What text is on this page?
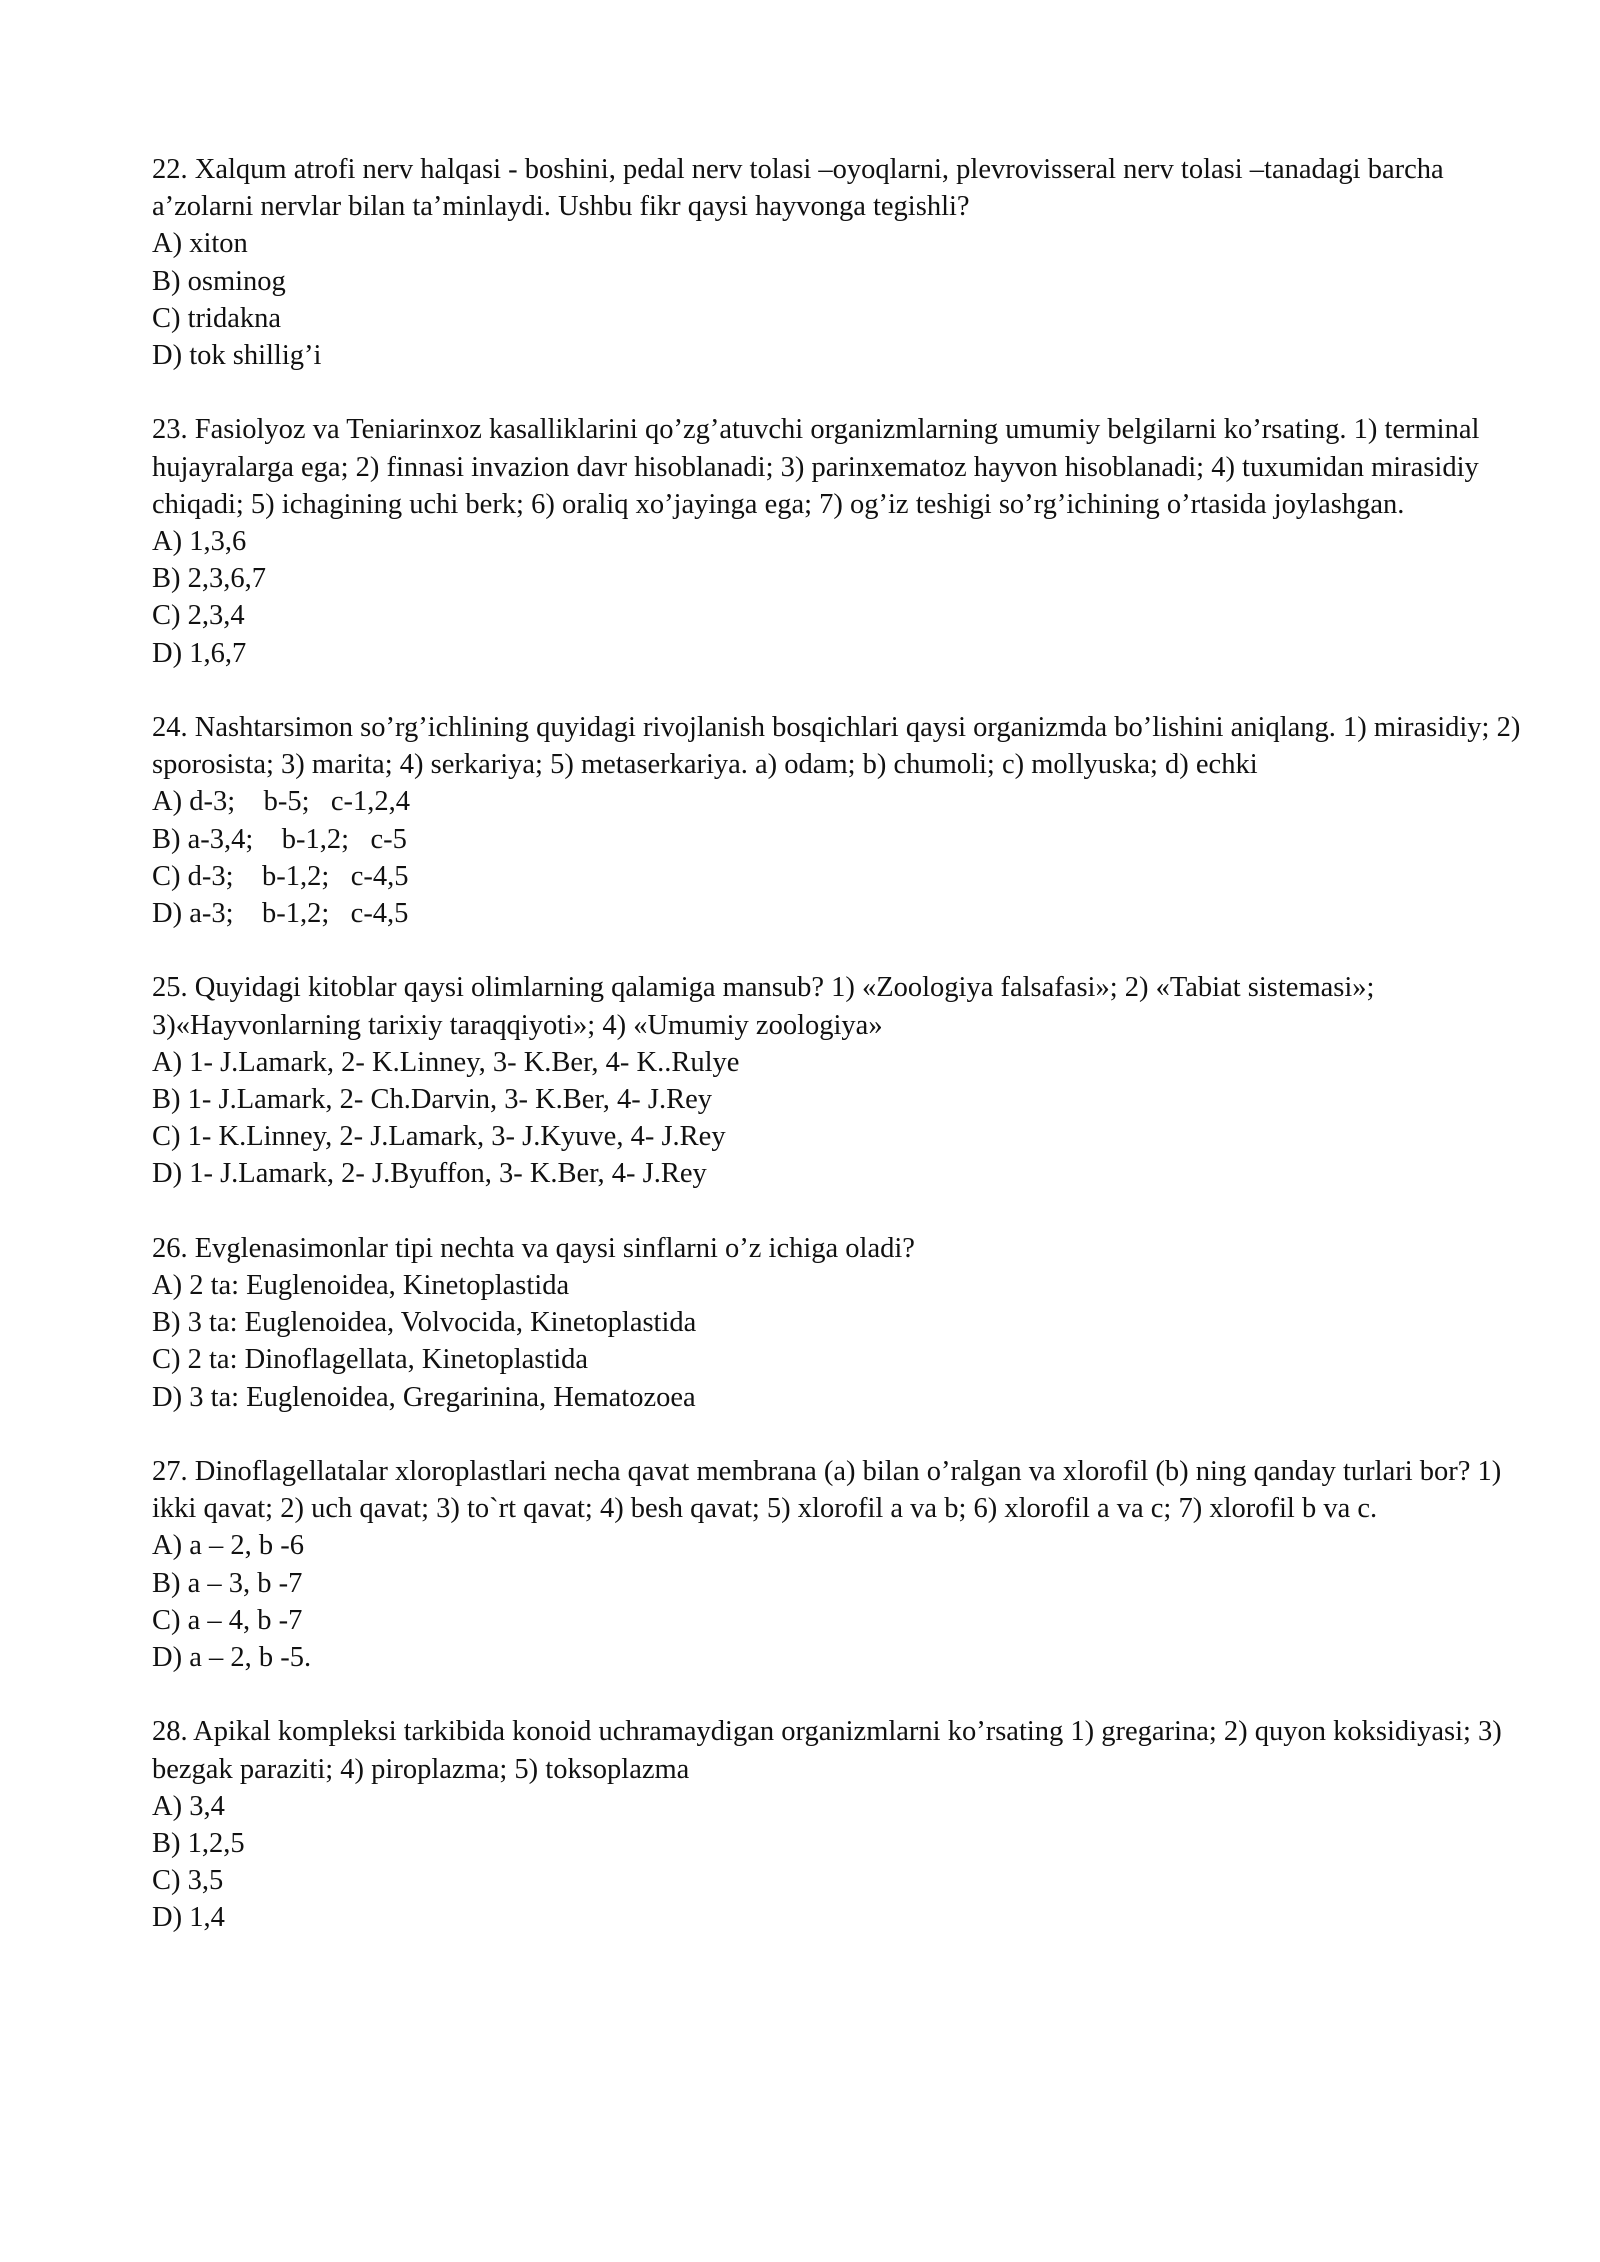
22. Xalqum atrofi nerv halqasi - boshini, pedal nerv tolasi –oyoqlarni, plevrovisseral nerv tolasi –tanadagi barcha a’zolarni nervlar bilan ta’minlaydi. Ushbu fikr qaysi hayvonga tegishli?

A) xiton
B) osminog
C) tridakna
D) tok shillig’i

23. Fasiolyoz va Teniarinxoz kasalliklarini qo’zg’atuvchi organizmlarning umumiy belgilarni ko’rsating. 1) terminal hujayralarga ega; 2) finnasi invazion davr hisoblanadi; 3) parinxematoz hayvon hisoblanadi; 4) tuxumidan mirasidiy chiqadi; 5) ichagining uchi berk; 6) oraliq xo’jayinga ega; 7) og’iz teshigi so’rg’ichining o’rtasida joylashgan.

A) 1,3,6
B) 2,3,6,7
C) 2,3,4
D) 1,6,7

24. Nashtarsimon so’rg’ichlining quyidagi rivojlanish bosqichlari qaysi organizmda bo’lishini aniqlang. 1) mirasidiy; 2) sporosista; 3) marita; 4) serkariya; 5) metaserkariya. a) odam; b) chumoli; c) mollyuska; d) echki

A) d-3;    b-5;   c-1,2,4
B) a-3,4;    b-1,2;   c-5
C) d-3;    b-1,2;   c-4,5
D) a-3;    b-1,2;   c-4,5

25. Quyidagi kitoblar qaysi olimlarning qalamiga mansub? 1) «Zoologiya falsafasi»; 2) «Tabiat sistemasi»; 3)«Hayvonlarning tarixiy taraqqiyoti»; 4) «Umumiy zoologiya»

A) 1- J.Lamark, 2- K.Linney, 3- K.Ber, 4- K..Rulye
B) 1- J.Lamark, 2- Ch.Darvin, 3- K.Ber, 4- J.Rey
C) 1- K.Linney, 2- J.Lamark, 3- J.Kyuve, 4- J.Rey
D) 1- J.Lamark, 2- J.Byuffon, 3- K.Ber, 4- J.Rey

26. Evglenasimonlar tipi nechta va qaysi sinflarni o’z ichiga oladi?

A) 2 ta: Euglenoidea, Kinetoplastida
B) 3 ta: Euglenoidea, Volvocida, Kinetoplastida
C) 2 ta: Dinoflagellata, Kinetoplastida
D) 3 ta: Euglenoidea, Gregarinina, Hematozoea

27. Dinoflagellatalar xloroplastlari necha qavat membrana (a) bilan o’ralgan va xlorofil (b) ning qanday turlari bor? 1) ikki qavat; 2) uch qavat; 3) to`rt qavat; 4) besh qavat; 5) xlorofil a va b; 6) xlorofil a va c; 7) xlorofil b va c.

A) a – 2, b -6
B) a – 3, b -7
C) a – 4, b -7
D) a – 2, b -5.

28. Apikal kompleksi tarkibida konoid uchramaydigan organizmlarni ko’rsating 1) gregarina; 2) quyon koksidiyasi; 3) bezgak paraziti; 4) piroplazma; 5) toksoplazma

A) 3,4
B) 1,2,5
C) 3,5
D) 1,4
